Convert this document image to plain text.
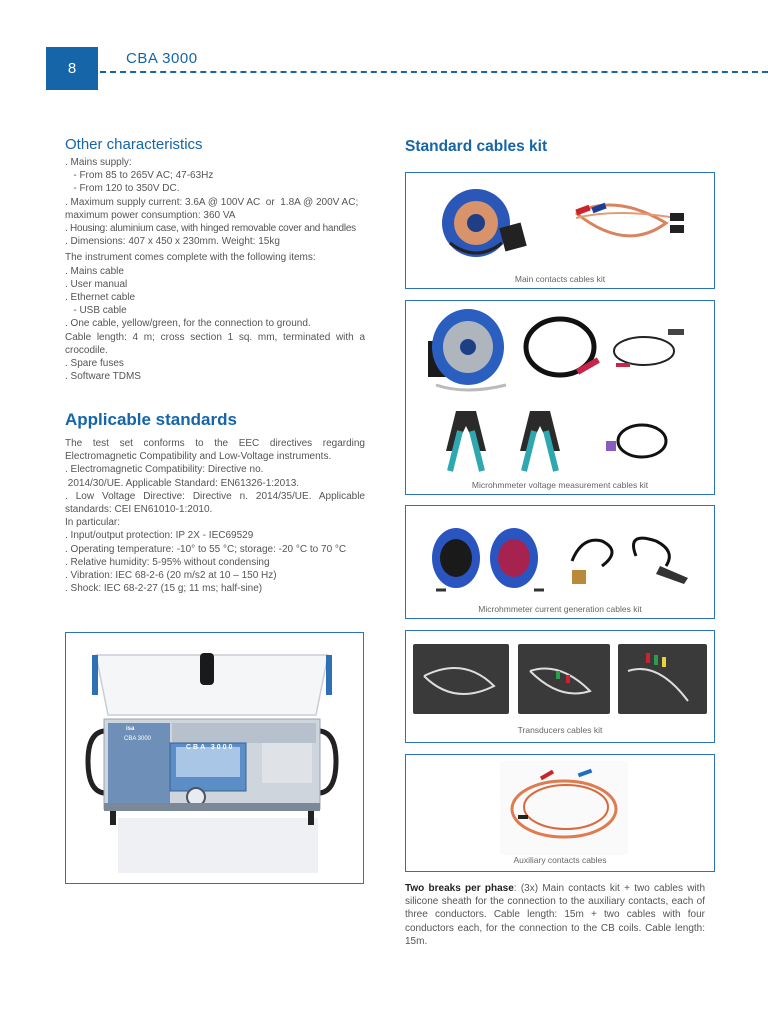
8
CBA 3000
Other characteristics
. Mains supply:
- From 85 to 265V AC; 47-63Hz
- From 120 to 350V DC.
. Maximum supply current: 3.6A @ 100V AC  or  1.8A @ 200V AC;
maximum power consumption: 360 VA
. Housing: aluminium case, with hinged removable cover and handles
. Dimensions: 407 x 450 x 230mm. Weight: 15kg
The instrument comes complete with the following items:
. Mains cable
. User manual
. Ethernet cable
- USB cable
. One cable, yellow/green, for the connection to ground.
Cable length: 4 m; cross section 1 sq. mm, terminated with a crocodile.
. Spare fuses
. Software TDMS
Applicable standards
The test set conforms to the EEC directives regarding Electromagnetic Compatibility and Low-Voltage instruments.
. Electromagnetic Compatibility: Directive no.
2014/30/UE. Applicable Standard: EN61326-1:2013.
. Low Voltage Directive: Directive n. 2014/35/UE. Applicable standards: CEI EN61010-1:2010.
In particular:
. Input/output protection: IP 2X - IEC69529
. Operating temperature: -10° to 55 °C; storage: -20 °C to 70 °C
. Relative humidity: 5-95% without condensing
. Vibration: IEC 68-2-6 (20 m/s2 at 10 – 150 Hz)
. Shock: IEC 68-2-27 (15 g; 11 ms; half-sine)
CBA 3000
isa
CBA 3000
Standard cables kit
Main contacts cables kit
Microhmmeter voltage measurement cables kit
Microhmmeter current generation cables kit
Transducers cables kit
Auxiliary contacts cables
Two breaks per phase: (3x) Main contacts kit + two cables with silicone sheath for the connection to the auxiliary contacts, each of three conductors. Cable length: 15m + two cables with four conductors each, for the connection to the CB coils. Cable length: 15m.
